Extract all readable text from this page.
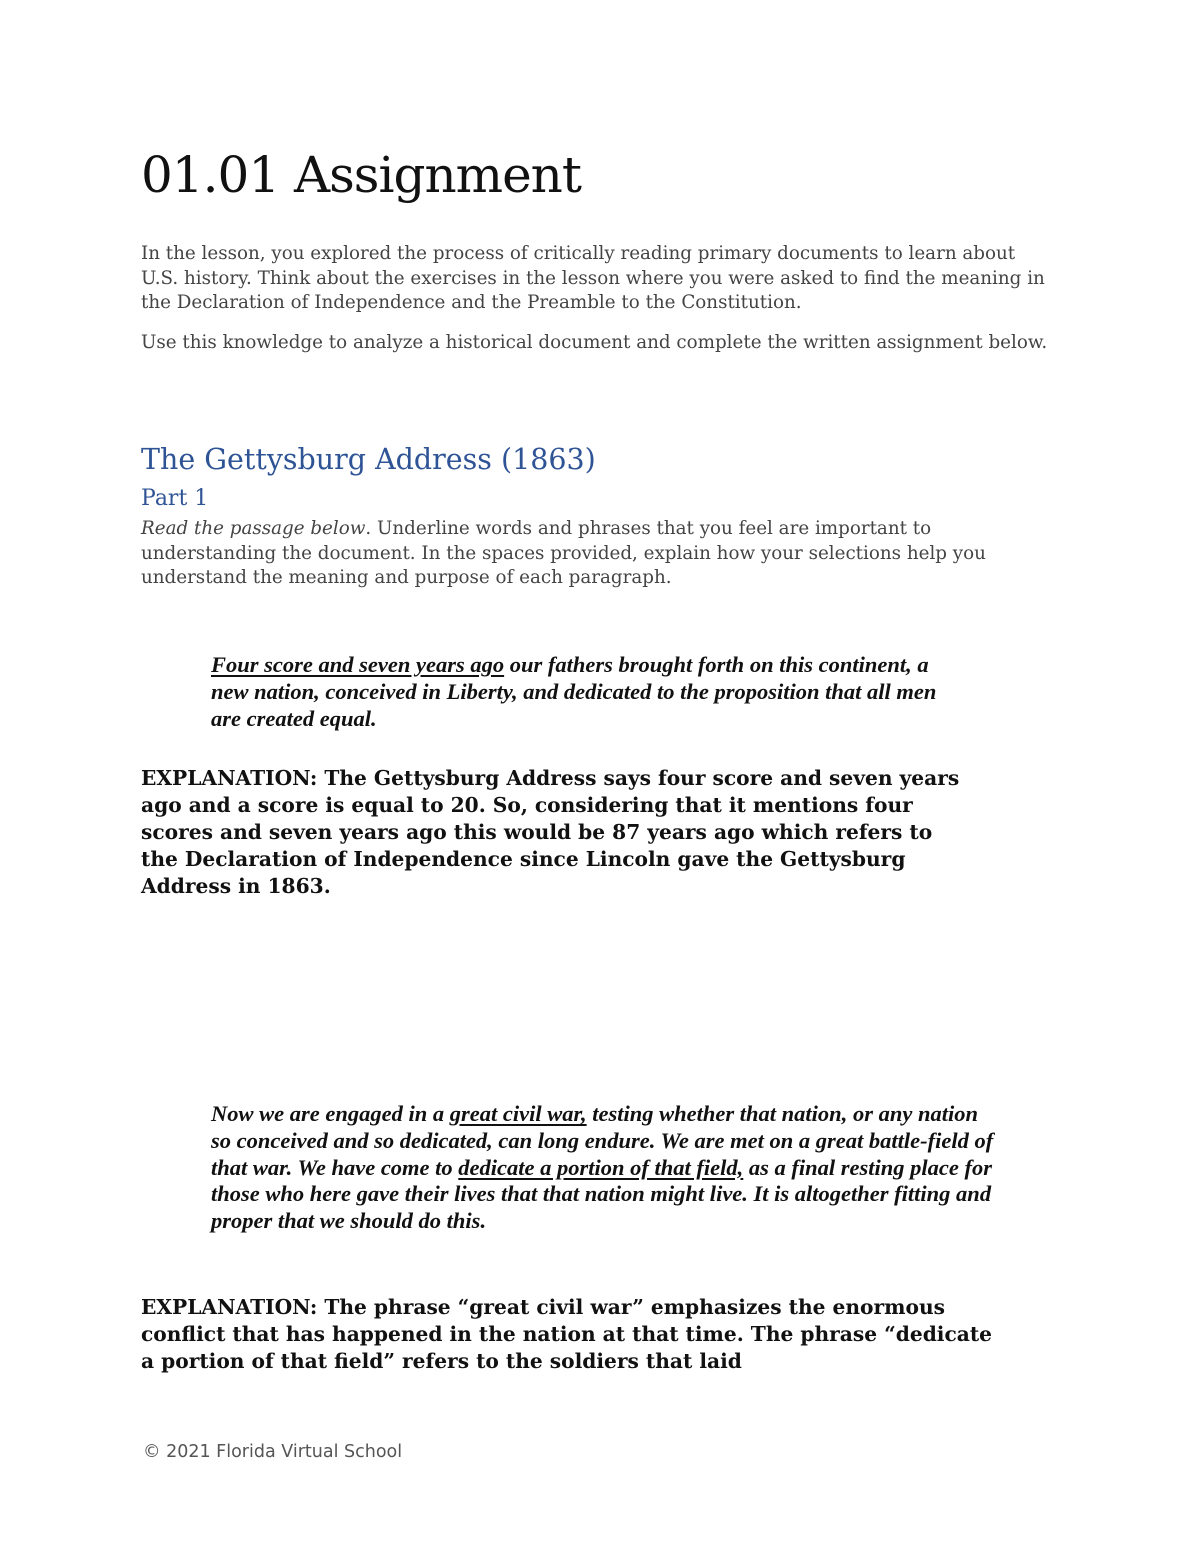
01.01 Assignment

In the lesson, you explored the process of critically reading primary documents to learn about U.S. history. Think about the exercises in the lesson where you were asked to find the meaning in the Declaration of Independence and the Preamble to the Constitution.

Use this knowledge to analyze a historical document and complete the written assignment below.

The Gettysburg Address (1863)
Part 1

Read the passage below. Underline words and phrases that you feel are important to understanding the document. In the spaces provided, explain how your selections help you understand the meaning and purpose of each paragraph.

Four score and seven years ago our fathers brought forth on this continent, a new nation, conceived in Liberty, and dedicated to the proposition that all men are created equal.

EXPLANATION: The Gettysburg Address says four score and seven years ago and a score is equal to 20. So, considering that it mentions four scores and seven years ago this would be 87 years ago which refers to the Declaration of Independence since Lincoln gave the Gettysburg Address in 1863.

Now we are engaged in a great civil war, testing whether that nation, or any nation so conceived and so dedicated, can long endure. We are met on a great battle-field of that war. We have come to dedicate a portion of that field, as a final resting place for those who here gave their lives that that nation might live. It is altogether fitting and proper that we should do this.

EXPLANATION: The phrase “great civil war” emphasizes the enormous conflict that has happened in the nation at that time. The phrase “dedicate a portion of that field” refers to the soldiers that laid

© 2021 Florida Virtual School
